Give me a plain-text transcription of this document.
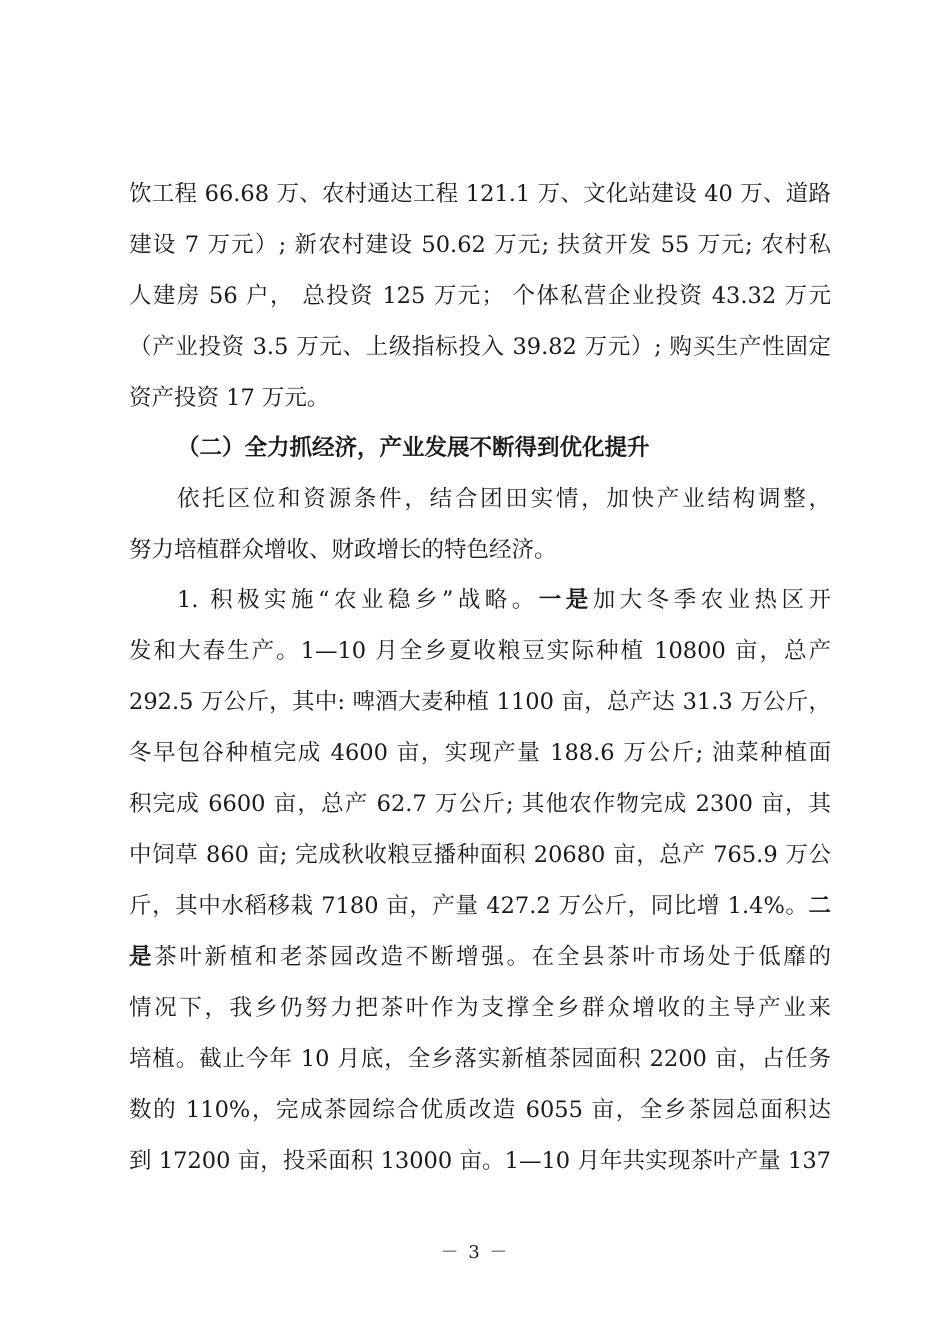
饮工程 66.68 万、农村通达工程 121.1 万、文化站建设 40 万、道路
建设 7 万元）; 新农村建设 50.62 万元; 扶贫开发 55 万元; 农村私
人建房 56 户， 总投资 125 万元； 个体私营企业投资 43.32 万元
（产业投资 3.5 万元、上级指标投入 39.82 万元）; 购买生产性固定
资产投资 17 万元。
（二）全力抓经济，产业发展不断得到优化提升
依托区位和资源条件，结合团田实情，加快产业结构调整，
努力培植群众增收、财政增长的特色经济。
1. 积极实施“农业稳乡”战略。一是加大冬季农业热区开
发和大春生产。1—10 月全乡夏收粮豆实际种植 10800 亩，总产
292.5 万公斤，其中: 啤酒大麦种植 1100 亩，总产达 31.3 万公斤，
冬早包谷种植完成 4600 亩，实现产量 188.6 万公斤; 油菜种植面
积完成 6600 亩，总产 62.7 万公斤; 其他农作物完成 2300 亩，其
中饲草 860 亩; 完成秋收粮豆播种面积 20680 亩，总产 765.9 万公
斤，其中水稻移栽 7180 亩，产量 427.2 万公斤，同比增 1.4%。二
是茶叶新植和老茶园改造不断增强。在全县茶叶市场处于低靡的
情况下，我乡仍努力把茶叶作为支撑全乡群众增收的主导产业来
培植。截止今年 10 月底，全乡落实新植茶园面积 2200 亩，占任务
数的 110%，完成茶园综合优质改造 6055 亩，全乡茶园总面积达
到 17200 亩，投采面积 13000 亩。1—10 月年共实现茶叶产量 137
－ 3 －
